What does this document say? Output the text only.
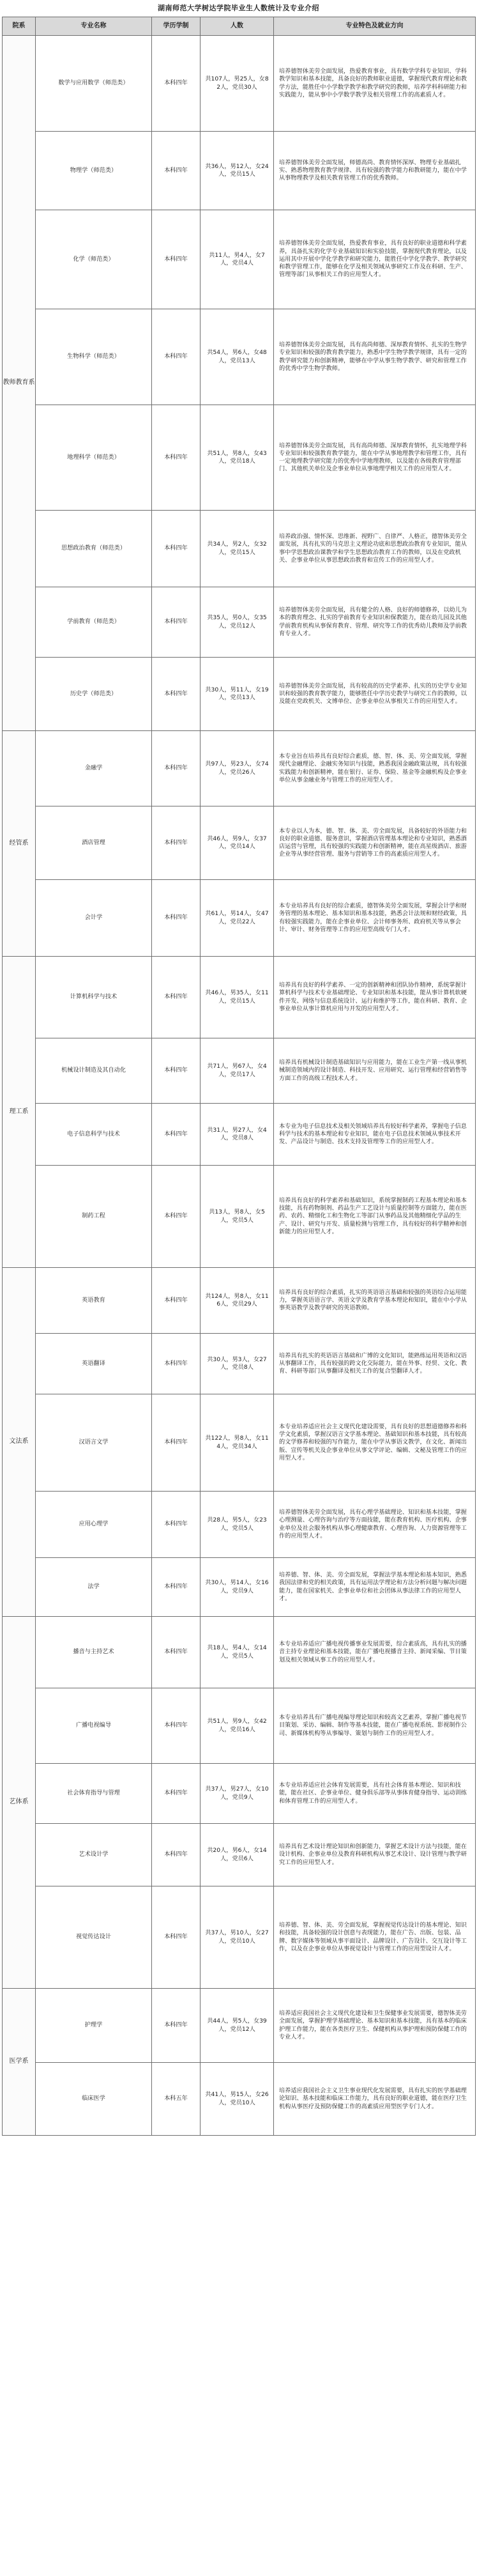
湖南师范大学树达学院毕业生人数统计及专业介绍
院系	专业名称	学历学制	人数	专业特色及就业方向
教师教育系	数学与应用数学（师范类）	本科四年	共107人，男25人，女82人，党员30人	培养德智体美劳全面发展，热爱教育事业，具有数学学科专业知识、学科教学知识和基本技能，具备良好的教师职业道德，掌握现代教育理论和教学方法，能胜任中小学数学教学和教学研究的教师，培养学科科研能力和实践能力，能从事中小学数学教学及相关管理工作的高素质人才。
	物理学（师范类）	本科四年	共36人，男12人，女24人，党员15人	培养德智体美劳全面发展，师德高尚、教育情怀深厚、物理专业基础扎实、熟悉物理教育教学规律、具有较强的教学能力和教研能力，能在中学从事物理教学及相关教育管理工作的优秀教师。
	化学（师范类）	本科四年	共11人，男4人，女7人，党员4人	培养德智体美劳全面发展，热爱教育事业，具有良好的职业道德和科学素养，具备扎实的化学专业基础知识和实验技能，掌握现代教育理论，以及运用其中开展中学化学教学和研究能力，能胜任中学化学教学、教学研究和教学管理工作，能够在化学及相关领域从事研究工作及在科研、生产、管理等部门从事相关工作的应用型人才。
	生物科学（师范类）	本科四年	共54人，男6人，女48人，党员13人	培养德智体美劳全面发展，具有高尚师德、深厚教育情怀、扎实的生物学专业知识和较强的教育教学能力，熟悉中学生物学教学规律，具有一定的教学研究能力和创新精神，能够在中学从事生物学教学、研究和管理工作的优秀中学生物学教师。
	地理科学（师范类）	本科四年	共51人，男8人，女43人，党员18人	培养德智体美劳全面发展，具有高尚师德、深厚教育情怀，扎实地理学科专业知识和较强教育教学能力，能在中学从事地理教学和管理工作，具有一定地理教学研究能力的优秀中学地理教师，以及能在各级教育管理部门、其他机关单位及企事业单位从事地理学相关工作的应用型人才。
	思想政治教育（师范类）	本科四年	共34人，男2人，女32人，党员15人	培养政治强、情怀深、思维新、视野广、自律严、人格正，德智体美劳全面发展，具有扎实的马克思主义理论功底和思想政治教育专业知识，能从事中学思想政治课教学和学生思想政治教育工作的教师，以及在党政机关、企事业单位从事思想政治教育和宣传工作的应用型人才。
	学前教育（师范类）	本科四年	共35人，男0人，女35人，党员12人	培养德智体美劳全面发展，具有健全的人格、良好的师德修养，以幼儿为本的教育理念、扎实的学前教育专业知识和保教能力，能在幼儿园及其他学前教育机构从事保育教育、管理、研究等工作的优秀幼儿教师及学前教育专业人才。
	历史学（师范类）	本科四年	共30人，男11人，女19人，党员13人	培养德智体美劳全面发展，具有较高的历史学素养、扎实的历史学专业知识和较强的教育教学能力，能够胜任中学历史教学与研究工作的教师，以及能在党政机关、文博单位、企事业单位从事相关工作的应用型人才。
经管系	金融学	本科四年	共97人，男23人，女74人，党员26人	本专业旨在培养具有良好综合素质，德、智、体、美、劳全面发展，掌握现代金融理论、金融实务知识与技能，熟悉我国金融政策法规，具有较强实践能力和创新精神，能在银行、证券、保险、基金等金融机构及企事业单位从事金融业务与管理工作的应用型人才。
	酒店管理	本科四年	共46人，男9人，女37人，党员14人	本专业以人为本，德、智、体、美、劳全面发展，具备较好的外语能力和良好的职业道德、服务意识，掌握酒店管理基本理论和专业知识，熟悉酒店运营与管理，具有较强的实践能力和创新精神，能在高星级酒店、旅游企业等从事经营管理、服务与营销等工作的高素质应用型人才。
	会计学	本科四年	共61人，男14人，女47人，党员22人	本专业培养具有良好的综合素质，德智体美劳全面发展，掌握会计学和财务管理的基本理论、基本知识和基本技能，熟悉会计法规和财经政策，具有较强实践能力，能在企事业单位、会计师事务所、政府机关等从事会计、审计、财务管理等工作的应用型高级专门人才。
理工系	计算机科学与技术	本科四年	共46人，男35人，女11人，党员15人	培养具有良好的科学素养、一定的创新精神和团队协作精神，系统掌握计算机科学与技术专业基础理论、专业知识和基本技能，能从事计算机软硬件开发、网络与信息系统设计、运行和维护等工作，能在科研、教育、企事业单位从事计算机应用与开发的应用型人才。
	机械设计制造及其自动化	本科四年	共71人，男67人，女4人，党员17人	培养具有机械设计制造基础知识与应用能力，能在工业生产第一线从事机械制造领域内的设计制造、科技开发、应用研究、运行管理和经营销售等方面工作的高级工程技术人才。
	电子信息科学与技术	本科四年	共31人，男27人，女4人，党员8人	本专业为电子信息技术及相关领域培养具有较好科学素养，掌握电子信息科学与技术的基本理论和专业知识，能在电子信息技术领域从事技术开发、产品设计与制造、技术支持及管理等工作的应用型人才。
	制药工程	本科四年	共13人，男8人，女5人，党员5人	培养具有良好的科学素养和基础知识，系统掌握制药工程基本理论和基本技能，具有药物制剂、药品生产工艺设计与质量控制等方面能力，能在医药、农药、精细化工和生物化工等部门从事药品及其他精细化学品的生产、设计、研究与开发、质量检测与管理工作，具有较好的科学精神和创新能力的应用型人才。
文法系	英语教育	本科四年	共124人，男8人，女116人，党员29人	培养具有良好的综合素质，扎实的英语语言基础和较强的英语综合运用能力，掌握英语语言学、英语文学及教育学基本理论和知识，能在中小学从事英语教学及教学研究的英语教师。
	英语翻译	本科四年	共30人，男3人，女27人，党员8人	培养具有扎实的英语语言基础和广博的文化知识，能熟练运用英语和汉语从事翻译工作，具有较强的跨文化交际能力，能在外事、经贸、文化、教育、科研等部门从事翻译及相关工作的复合型翻译人才。
	汉语言文学	本科四年	共122人，男8人，女114人，党员34人	本专业培养适应社会主义现代化建设需要，具有良好的思想道德修养和科学文化素质，掌握汉语言文学基本理论、基础知识和基本技能，具有较高的文学修养和较强的写作能力，能在中学从事语文教学，在文化、新闻出版、宣传等机关及企事业单位从事文学评论、编辑、文秘及管理工作的应用型人才。
	应用心理学	本科四年	共28人，男5人，女23人，党员5人	培养德智体美劳全面发展，具有心理学基础理论、知识和基本技能，掌握心理测量、心理咨询与治疗等方面技能，能在教育机构、医疗机构、企事业单位及社会服务机构从事心理健康教育、心理咨询、人力资源管理等工作的应用型人才。
	法学	本科四年	共30人，男14人，女16人，党员9人	培养德、智、体、美、劳全面发展，掌握法学基本理论和基本知识，熟悉我国法律和党的相关政策，具有运用法学理论和方法分析问题与解决问题能力，能在国家机关、企事业单位和社会团体从事法律工作的应用型人才。
艺体系	播音与主持艺术	本科四年	共18人，男4人，女14人，党员5人	本专业培养适应广播电视传播事业发展需要，综合素质高，具有扎实的播音主持专业理论和基本技能，能在广播电视播音主持、新闻采编、节目策划及相关领域从事工作的应用型人才。
	广播电视编导	本科四年	共51人，男9人，女42人，党员16人	本专业培养具有广播电视编导理论知识和较高文艺素养，掌握广播电视节目策划、采访、编辑、制作等基本技能，能在广播电视系统、影视制作公司、新媒体机构等从事编导、策划与制作工作的应用型人才。
	社会体育指导与管理	本科四年	共37人，男27人，女10人，党员9人	本专业培养适应社会体育发展需要，具有社会体育基本理论、知识和技能，能在社区、企事业单位、健身俱乐部等从事体育健身指导、运动训练和体育管理工作的应用型人才。
	艺术设计学	本科四年	共20人，男6人，女14人，党员6人	培养具有艺术设计理论知识和创新能力，掌握艺术设计方法与技能，能在设计机构、企事业单位及教育科研机构从事艺术设计、设计管理与教学研究工作的应用型人才。
	视觉传达设计	本科四年	共37人，男10人，女27人，党员10人	培养德、智、体、美、劳全面发展，掌握视觉传达设计的基本理论、知识和技能，具备较强的设计创意与表现能力，能在广告、出版、包装、品牌、数字媒体等领域从事平面设计、品牌设计、广告设计、交互设计等工作，以及在企事业单位从事视觉设计与管理工作的应用型设计人才。
医学系	护理学	本科四年	共44人，男5人，女39人，党员12人	培养适应我国社会主义现代化建设和卫生保健事业发展需要，德智体美劳全面发展，掌握护理学基础理论、基本知识和基本技能，具有基本的临床护理工作能力，能在各类医疗卫生、保健机构从事护理和预防保健工作的专业人才。
	临床医学	本科五年	共41人，男15人，女26人，党员10人	培养适应我国社会主义卫生事业现代化发展需要，具有扎实的医学基础理论知识、基本技能和临床工作能力，具有良好的职业道德，能在医疗卫生机构从事医疗及预防保健工作的高素质应用型医学专门人才。
